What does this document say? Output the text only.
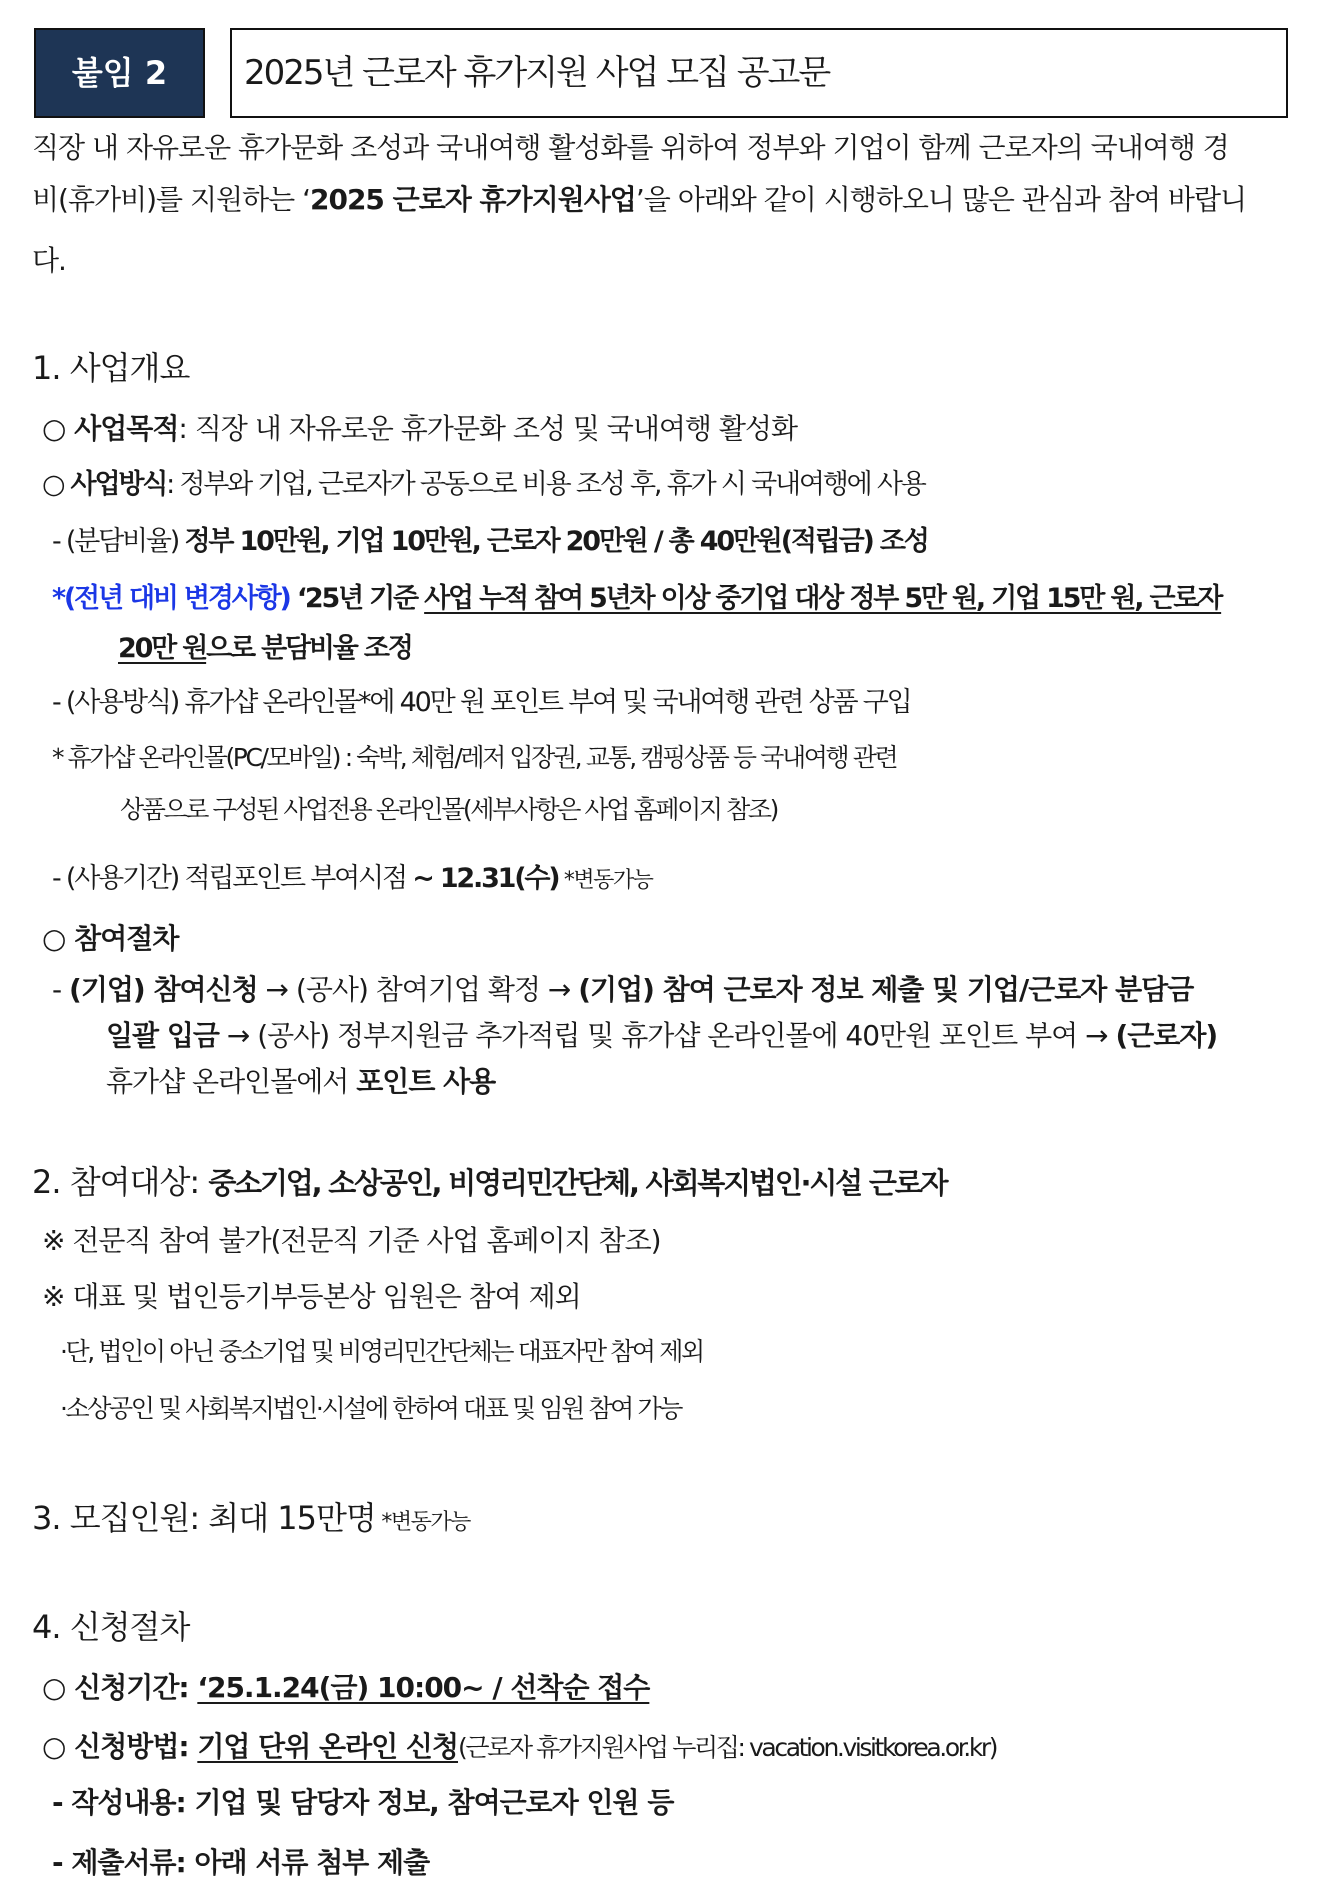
붙임 2	2025년 근로자 휴가지원 사업 모집 공고문
직장 내 자유로운 휴가문화 조성과 국내여행 활성화를 위하여 정부와 기업이 함께 근로자의 국내여행 경
비(휴가비)를 지원하는 ‘2025 근로자 휴가지원사업’을 아래와 같이 시행하오니 많은 관심과 참여 바랍니
다.
1. 사업개요
○ 사업목적: 직장 내 자유로운 휴가문화 조성 및 국내여행 활성화
○ 사업방식: 정부와 기업, 근로자가 공동으로 비용 조성 후, 휴가 시 국내여행에 사용
- (분담비율) 정부 10만원, 기업 10만원, 근로자 20만원 / 총 40만원(적립금) 조성
*(전년 대비 변경사항) ‘25년 기준 사업 누적 참여 5년차 이상 중기업 대상 정부 5만 원, 기업 15만 원, 근로자
20만 원으로 분담비율 조정
- (사용방식) 휴가샵 온라인몰*에 40만 원 포인트 부여 및 국내여행 관련 상품 구입
* 휴가샵 온라인몰(PC/모바일) : 숙박, 체험/레저 입장권, 교통, 캠핑상품 등 국내여행 관련
상품으로 구성된 사업전용 온라인몰(세부사항은 사업 홈페이지 참조)
- (사용기간) 적립포인트 부여시점 ~ 12.31(수) *변동가능
○ 참여절차
- (기업) 참여신청 → (공사) 참여기업 확정 → (기업) 참여 근로자 정보 제출 및 기업/근로자 분담금
일괄 입금 → (공사) 정부지원금 추가적립 및 휴가샵 온라인몰에 40만원 포인트 부여 → (근로자)
휴가샵 온라인몰에서 포인트 사용
2. 참여대상: 중소기업, 소상공인, 비영리민간단체, 사회복지법인·시설 근로자
※ 전문직 참여 불가(전문직 기준 사업 홈페이지 참조)
※ 대표 및 법인등기부등본상 임원은 참여 제외
·단, 법인이 아닌 중소기업 및 비영리민간단체는 대표자만 참여 제외
·소상공인 및 사회복지법인·시설에 한하여 대표 및 임원 참여 가능
3. 모집인원: 최대 15만명 *변동가능
4. 신청절차
○ 신청기간: ‘25.1.24(금) 10:00~ / 선착순 접수
○ 신청방법: 기업 단위 온라인 신청(근로자 휴가지원사업 누리집: vacation.visitkorea.or.kr)
- 작성내용: 기업 및 담당자 정보, 참여근로자 인원 등
- 제출서류: 아래 서류 첨부 제출
